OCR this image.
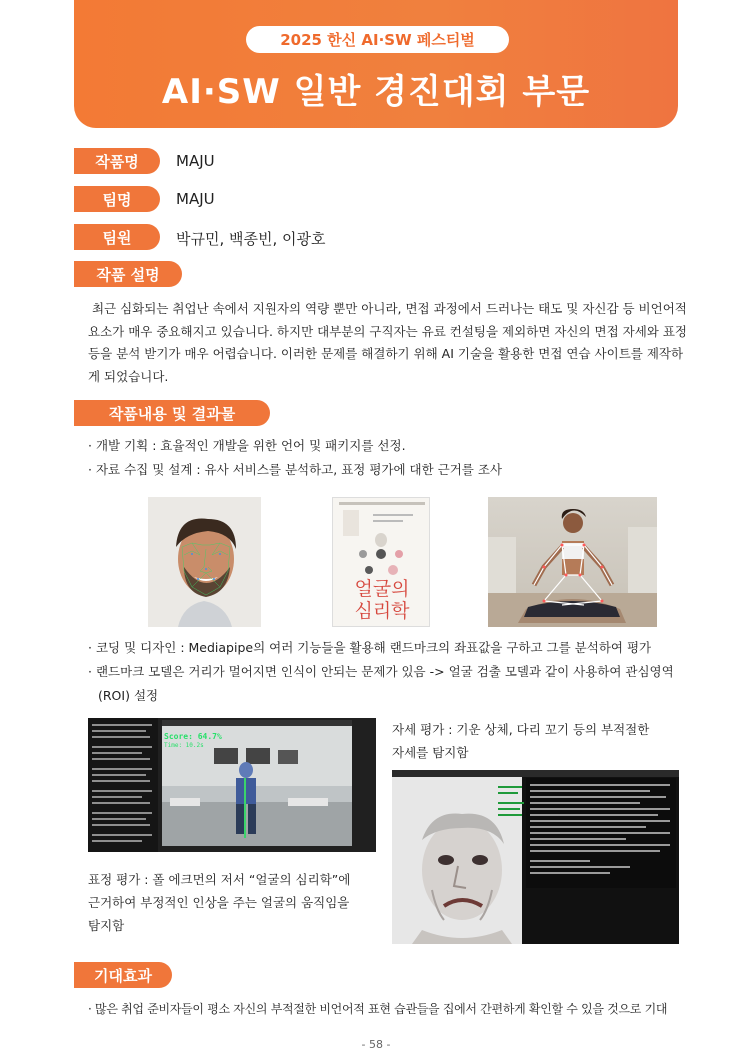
2025 한신 AI·SW 페스티벌
AI·SW 일반 경진대회 부문
작품명	MAJU
팀명	MAJU
팀원	박규민, 백종빈, 이광호
작품 설명
최근 심화되는 취업난 속에서 지원자의 역량 뿐만 아니라, 면접 과정에서 드러나는 태도 및 자신감 등 비언어적 요소가 매우 중요해지고 있습니다. 하지만 대부분의 구직자는 유료 컨설팅을 제외하면 자신의 면접 자세와 표정 등을 분석 받기가 매우 어렵습니다. 이러한 문제를 해결하기 위해 AI 기술을 활용한 면접 연습 사이트를 제작하게 되었습니다.
작품내용 및 결과물
· 개발 기획 : 효율적인 개발을 위한 언어 및 패키지를 선정.
· 자료 수집 및 설계 : 유사 서비스를 분석하고, 표정 평가에 대한 근거를 조사
얼굴의
심리학
· 코딩 및 디자인 : Mediapipe의 여러 기능들을 활용해 랜드마크의 좌표값을 구하고 그를 분석하여 평가
· 랜드마크 모델은 거리가 멀어지면 인식이 안되는 문제가 있음 -> 얼굴 검출 모델과 같이 사용하여 관심영역
(ROI) 설정
Score: 64.7%
Time: 10.2s
자세 평가 : 기운 상체, 다리 꼬기 등의 부적절한 자세를 탐지함
표정 평가 : 폴 에크먼의 저서 “얼굴의 심리학”에 근거하여 부정적인 인상을 주는 얼굴의 움직임을 탐지함
기대효과
· 많은 취업 준비자들이 평소 자신의 부적절한 비언어적 표현 습관들을 집에서 간편하게 확인할 수 있을 것으로 기대
- 58 -
